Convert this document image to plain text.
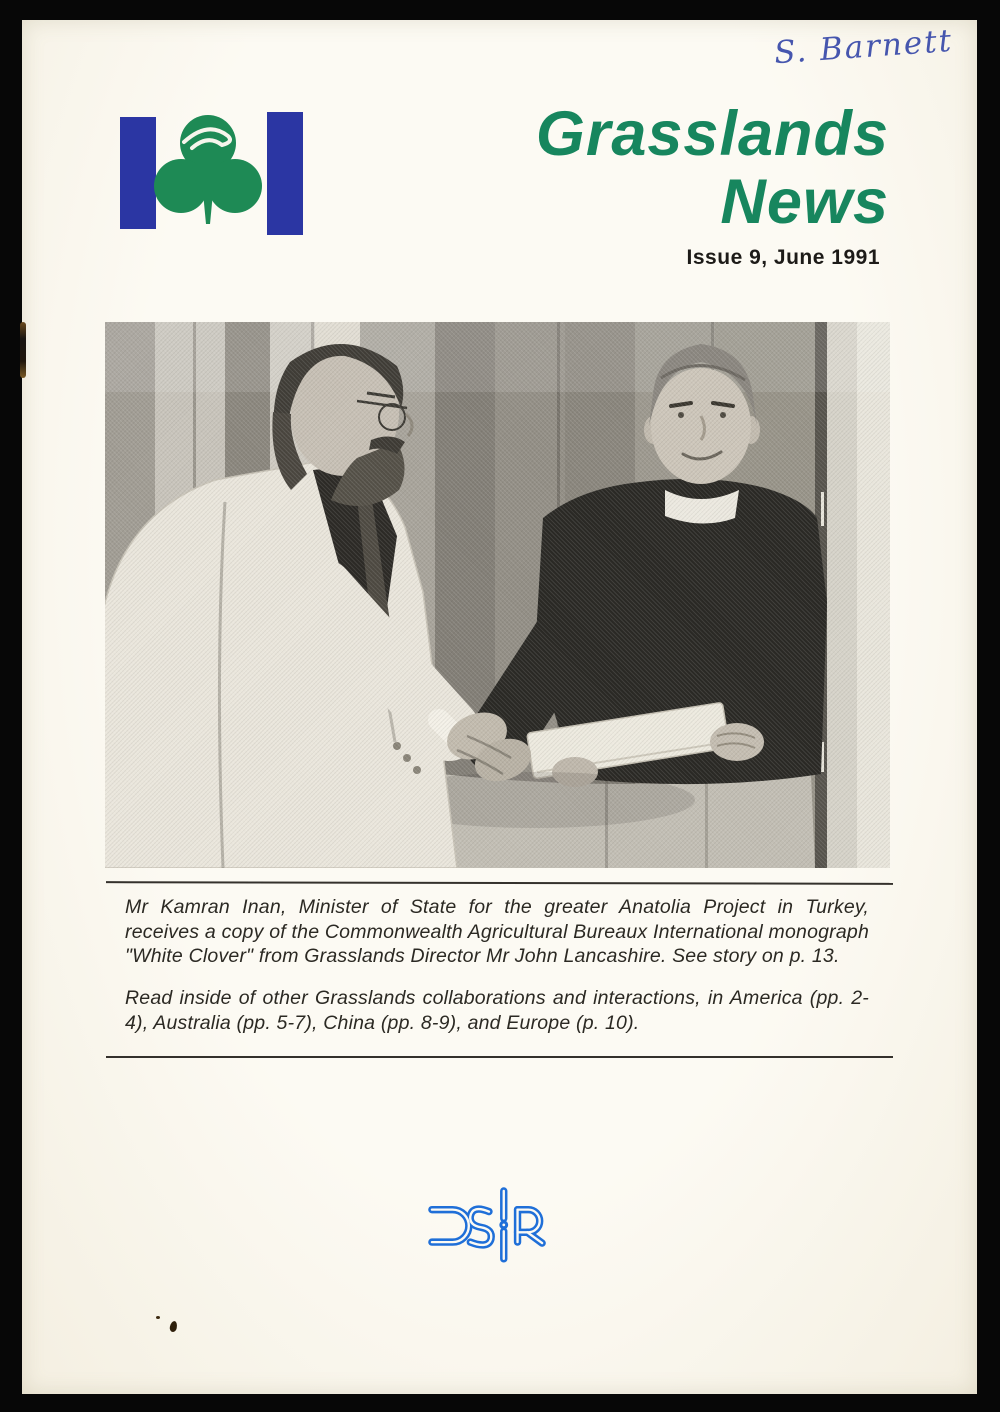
S. Barnett
Grasslands
News
Issue 9, June 1991
Mr Kamran Inan, Minister of State for the greater Anatolia Project in Turkey, receives a copy of the Commonwealth Agricultural Bureaux International monograph "White Clover" from Grasslands Director Mr John Lancashire. See story on p. 13.
Read inside of other Grasslands collaborations and interactions, in America (pp. 2-4), Australia (pp. 5-7), China (pp. 8-9), and Europe (p. 10).
